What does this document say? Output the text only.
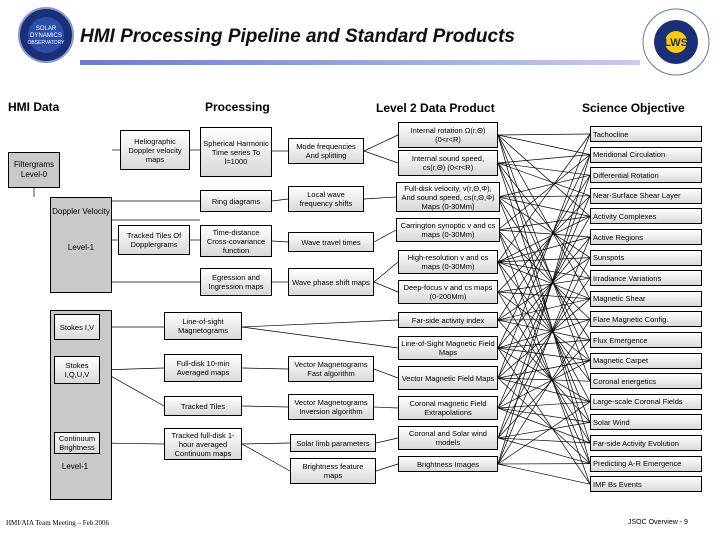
SOLAR
DYNAMICS
OBSERVATORY	LWS
HMI Processing Pipeline and Standard Products
HMI Data	Processing	Level 2 Data Product	Science Objective
Filtergrams Level-0
Doppler Velocity
Level-1
Stokes I,V
Stokes I,Q,U,V
Continuum Brightness
Level-1
Heliographic Doppler velocity maps
Tracked Tiles Of Dopplergrams
Spherical Harmonic Time series To l=1000
Ring diagrams
Time-distance Cross-covariance function
Egression and Ingression maps
Line-of-sight Magnetograms
Full-disk 10-min Averaged maps
Tracked Tiles
Tracked full-disk 1-hour averaged Continuum maps
Mode frequencies And splitting
Local wave frequency shifts
Wave travel times
Wave phase shift maps
Vector Magnetograms Fast algorithm
Vector Magnetograms Inversion algorithm
Solar limb parameters
Brightness feature maps
Internal rotation Ω(r,Θ) (0<r<R)
Internal sound speed, cs(r,Θ) (0<r<R)
Full-disk velocity, v(r,Θ,Φ), And sound speed, cs(r,Θ,Φ) Maps (0-30Mm)
Carrington synoptic v and cs maps (0-30Mm)
High-resolution v and cs maps (0-30Mm)
Deep-focus v and cs maps (0-200Mm)
Far-side activity index
Line-of-Sight Magnetic Field Maps
Vector Magnetic Field Maps
Coronal magnetic Field Extrapolations
Coronal and Solar wind models
Brightness Images
Tachocline
Meridional Circulation
Differential Rotation
Near-Surface Shear Layer
Activity Complexes
Active Regions
Sunspots
Irradiance Variations
Magnetic Shear
Flare Magnetic Config.
Flux Emergence
Magnetic Carpet
Coronal energetics
Large-scale Coronal Fields
Solar Wind
Far-side Activity Evolution
Predicting A-R Emergence
IMF Bs Events
HMI/AIA Team Meeting – Feb 2006	JSOC Overview - 9
